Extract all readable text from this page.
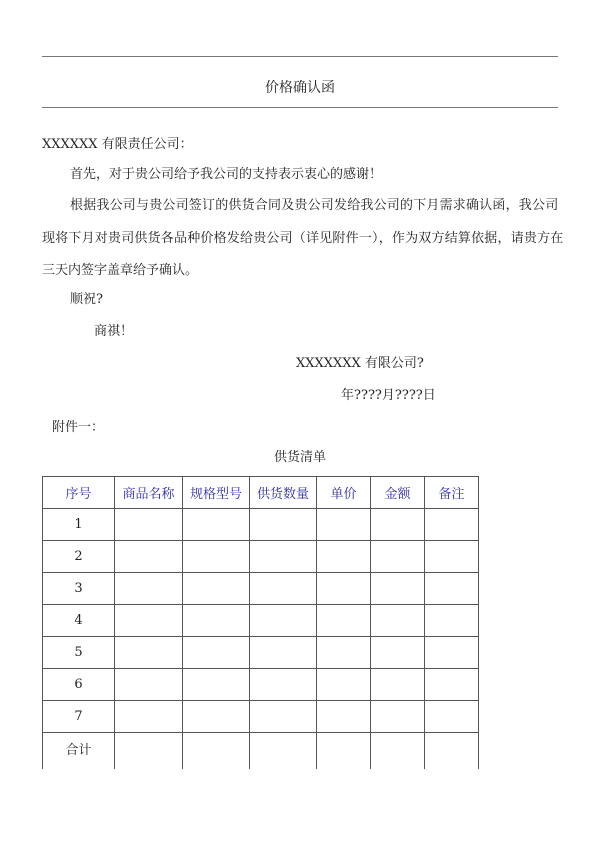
价格确认函
XXXXXX 有限责任公司：
首先，对于贵公司给予我公司的支持表示衷心的感谢！
根据我公司与贵公司签订的供货合同及贵公司发给我公司的下月需求确认函，我公司
现将下月对贵司供货各品种价格发给贵公司（详见附件一），作为双方结算依据，请贵方在
三天内签字盖章给予确认。
顺祝?
商祺！
XXXXXXX 有限公司?
年????月????日
附件一：
供货清单
序号	商品名称	规格型号	供货数量	单价	金额	备注
1						
2						
3						
4						
5						
6						
7						
合计						
